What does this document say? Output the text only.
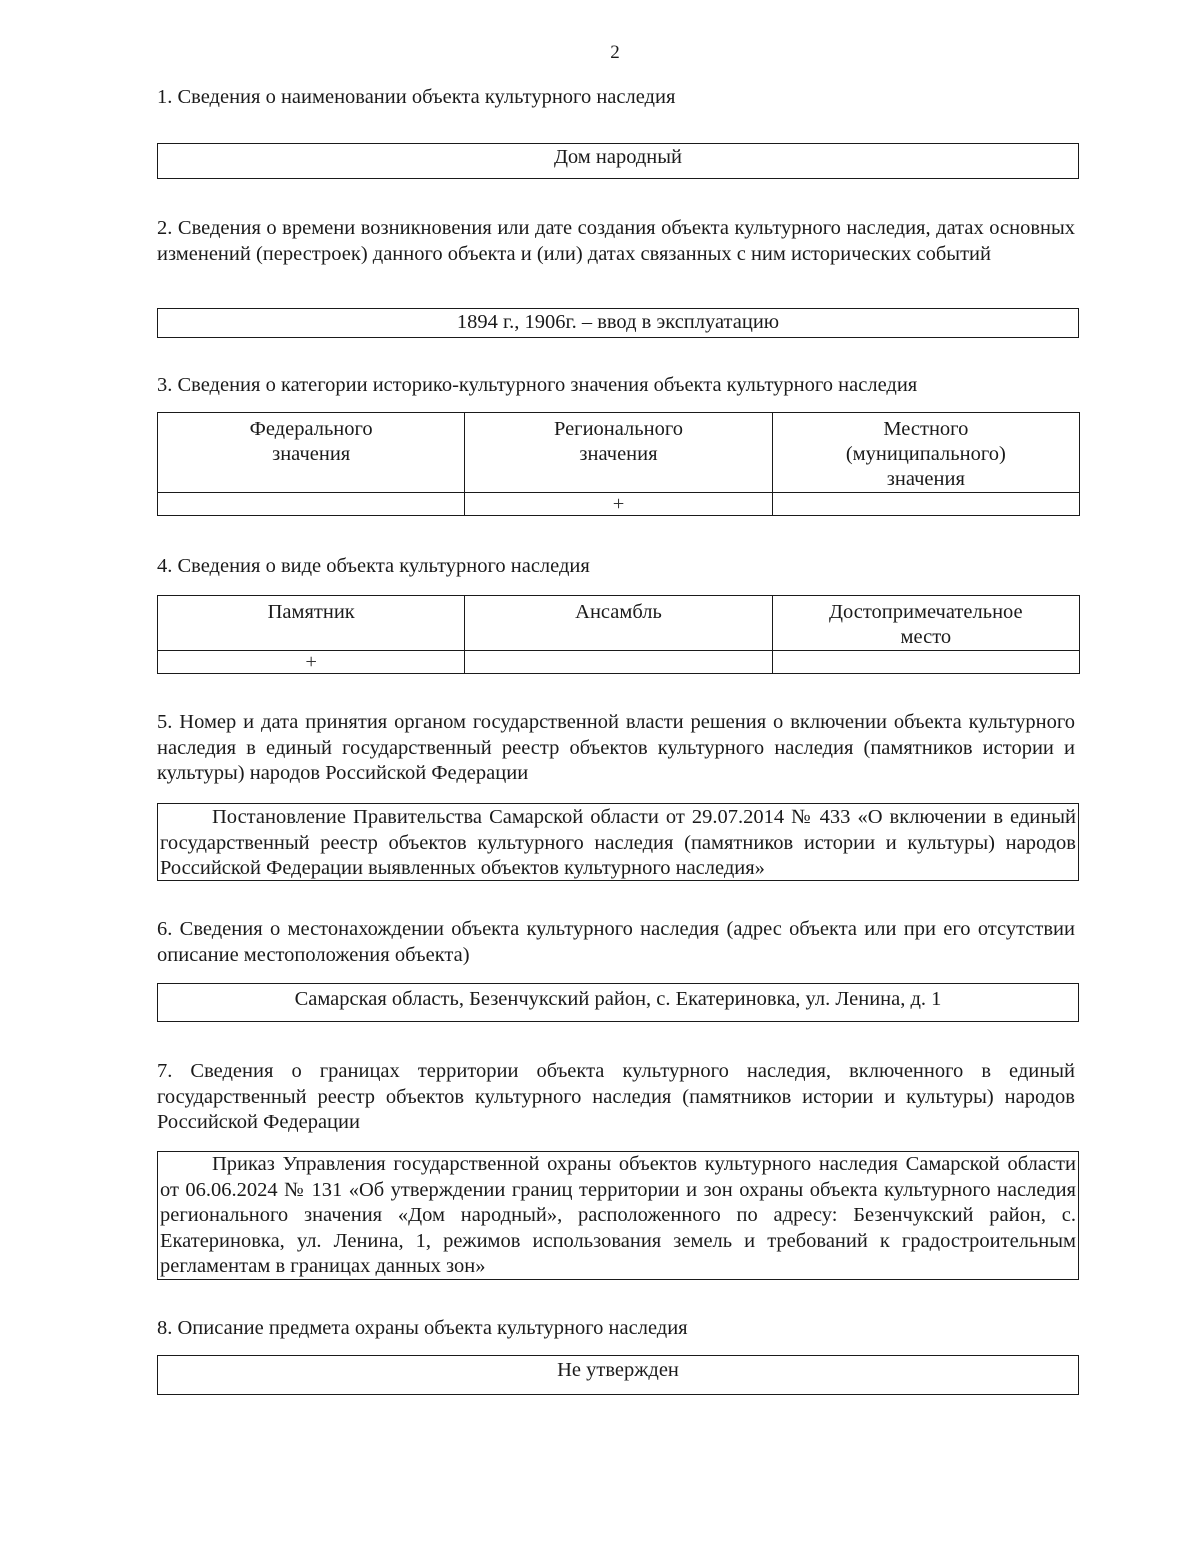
2
1. Сведения о наименовании объекта культурного наследия
Дом народный
2. Сведения о времени возникновения или дате создания объекта культурного наследия, датах основных изменений (перестроек) данного объекта и (или) датах связанных с ним исторических событий
1894 г., 1906г. – ввод в эксплуатацию
3. Сведения о категории историко-культурного значения объекта культурного наследия
Федерального значения	Регионального значения	Местного (муниципального) значения
	+	
4. Сведения о виде объекта культурного наследия
Памятник	Ансамбль	Достопримечательное место
+		
5. Номер и дата принятия органом государственной власти решения о включении объекта культурного наследия в единый государственный реестр объектов культурного наследия (памятников истории и культуры) народов Российской Федерации
Постановление Правительства Самарской области от 29.07.2014 № 433 «О включении в единый государственный реестр объектов культурного наследия (памятников истории и культуры) народов Российской Федерации выявленных объектов культурного наследия»
6. Сведения о местонахождении объекта культурного наследия (адрес объекта или при его отсутствии описание местоположения объекта)
Самарская область, Безенчукский район, с. Екатериновка, ул. Ленина, д. 1
7. Сведения о границах территории объекта культурного наследия, включенного в единый государственный реестр объектов культурного наследия (памятников истории и культуры) народов Российской Федерации
Приказ Управления государственной охраны объектов культурного наследия Самарской области от 06.06.2024 № 131 «Об утверждении границ территории и зон охраны объекта культурного наследия регионального значения «Дом народный», расположенного по адресу: Безенчукский район, с. Екатериновка, ул. Ленина, 1, режимов использования земель и требований к градостроительным регламентам в границах данных зон»
8. Описание предмета охраны объекта культурного наследия
Не утвержден
